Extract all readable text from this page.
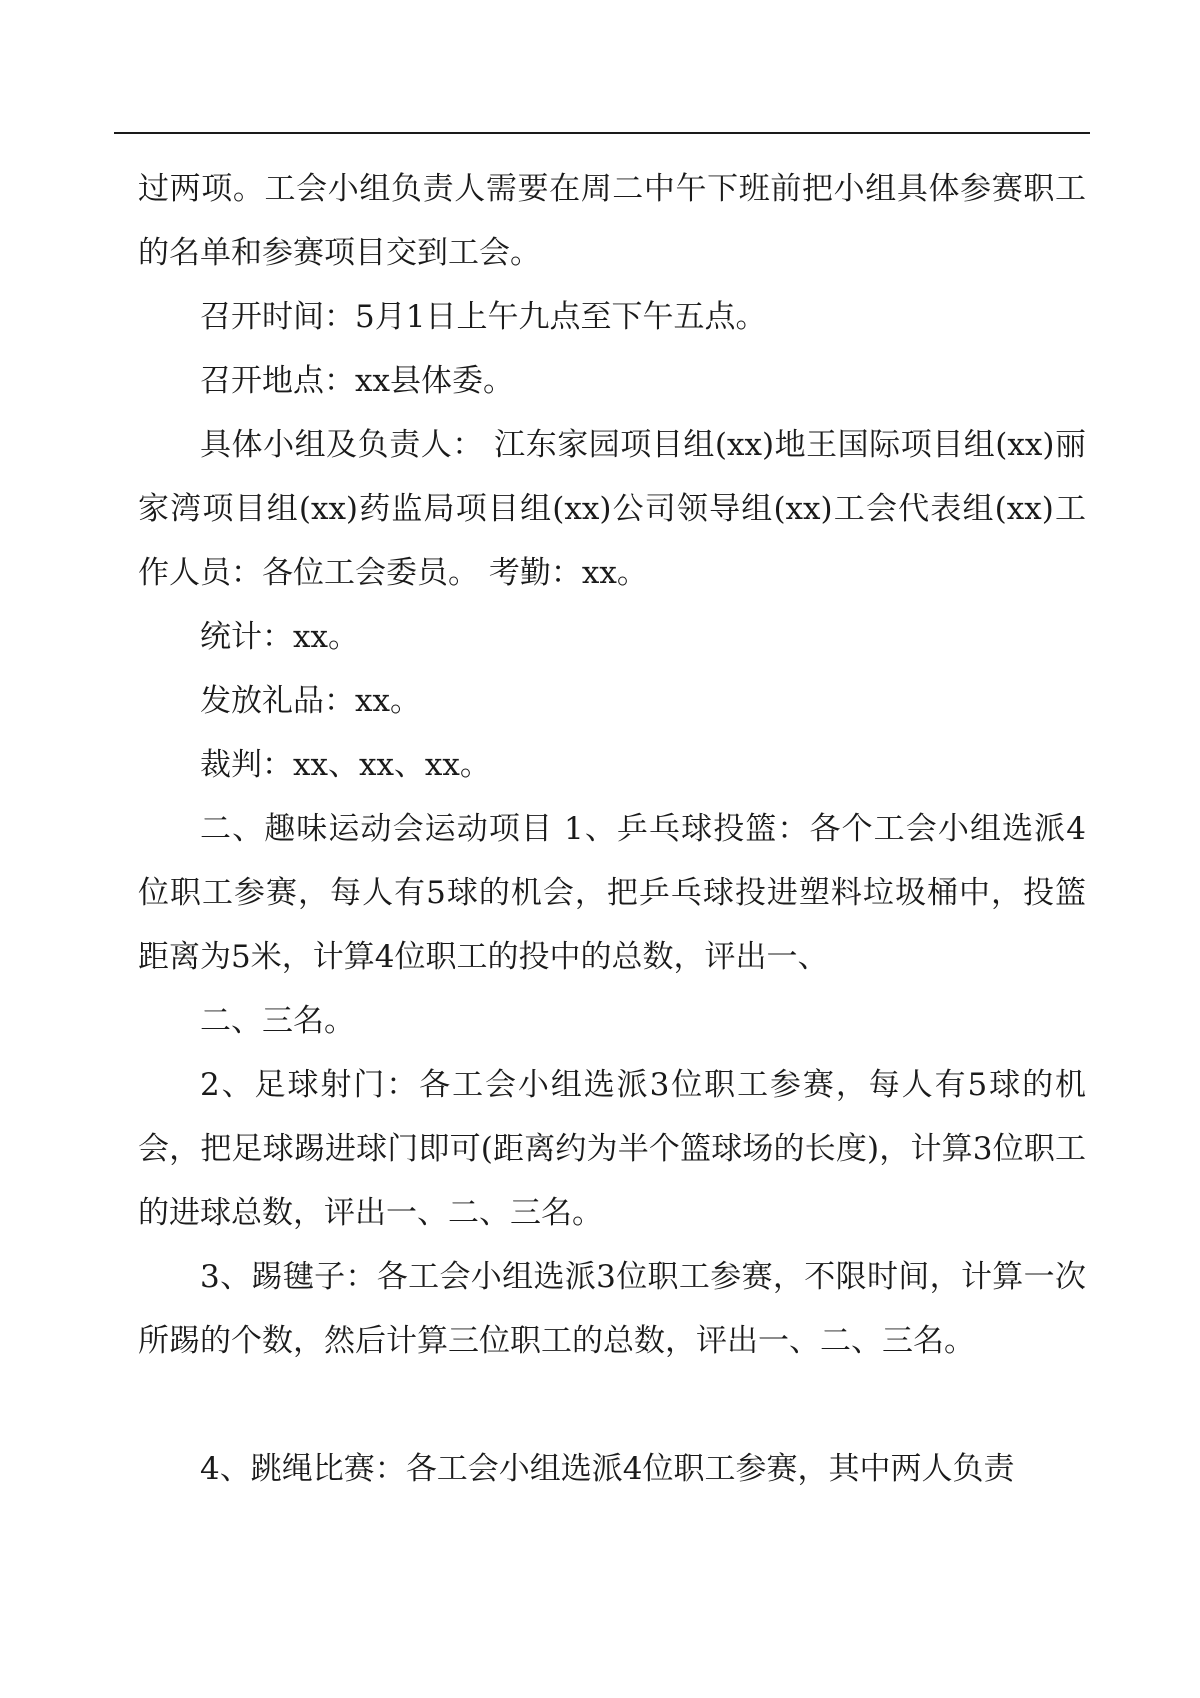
过两项。工会小组负责人需要在周二中午下班前把小组具体参赛职工的名单和参赛项目交到工会。

召开时间：5月1日上午九点至下午五点。

召开地点：xx县体委。

具体小组及负责人： 江东家园项目组(xx)地王国际项目组(xx)丽家湾项目组(xx)药监局项目组(xx)公司领导组(xx)工会代表组(xx)工作人员：各位工会委员。 考勤：xx。

统计：xx。

发放礼品：xx。

裁判：xx、xx、xx。

二、趣味运动会运动项目 1、乒乓球投篮：各个工会小组选派4位职工参赛，每人有5球的机会，把乒乓球投进塑料垃圾桶中，投篮距离为5米，计算4位职工的投中的总数，评出一、

二、三名。

2、足球射门：各工会小组选派3位职工参赛，每人有5球的机会，把足球踢进球门即可(距离约为半个篮球场的长度)，计算3位职工的进球总数，评出一、二、三名。

3、踢毽子：各工会小组选派3位职工参赛，不限时间，计算一次所踢的个数，然后计算三位职工的总数，评出一、二、三名。

4、跳绳比赛：各工会小组选派4位职工参赛，其中两人负责
